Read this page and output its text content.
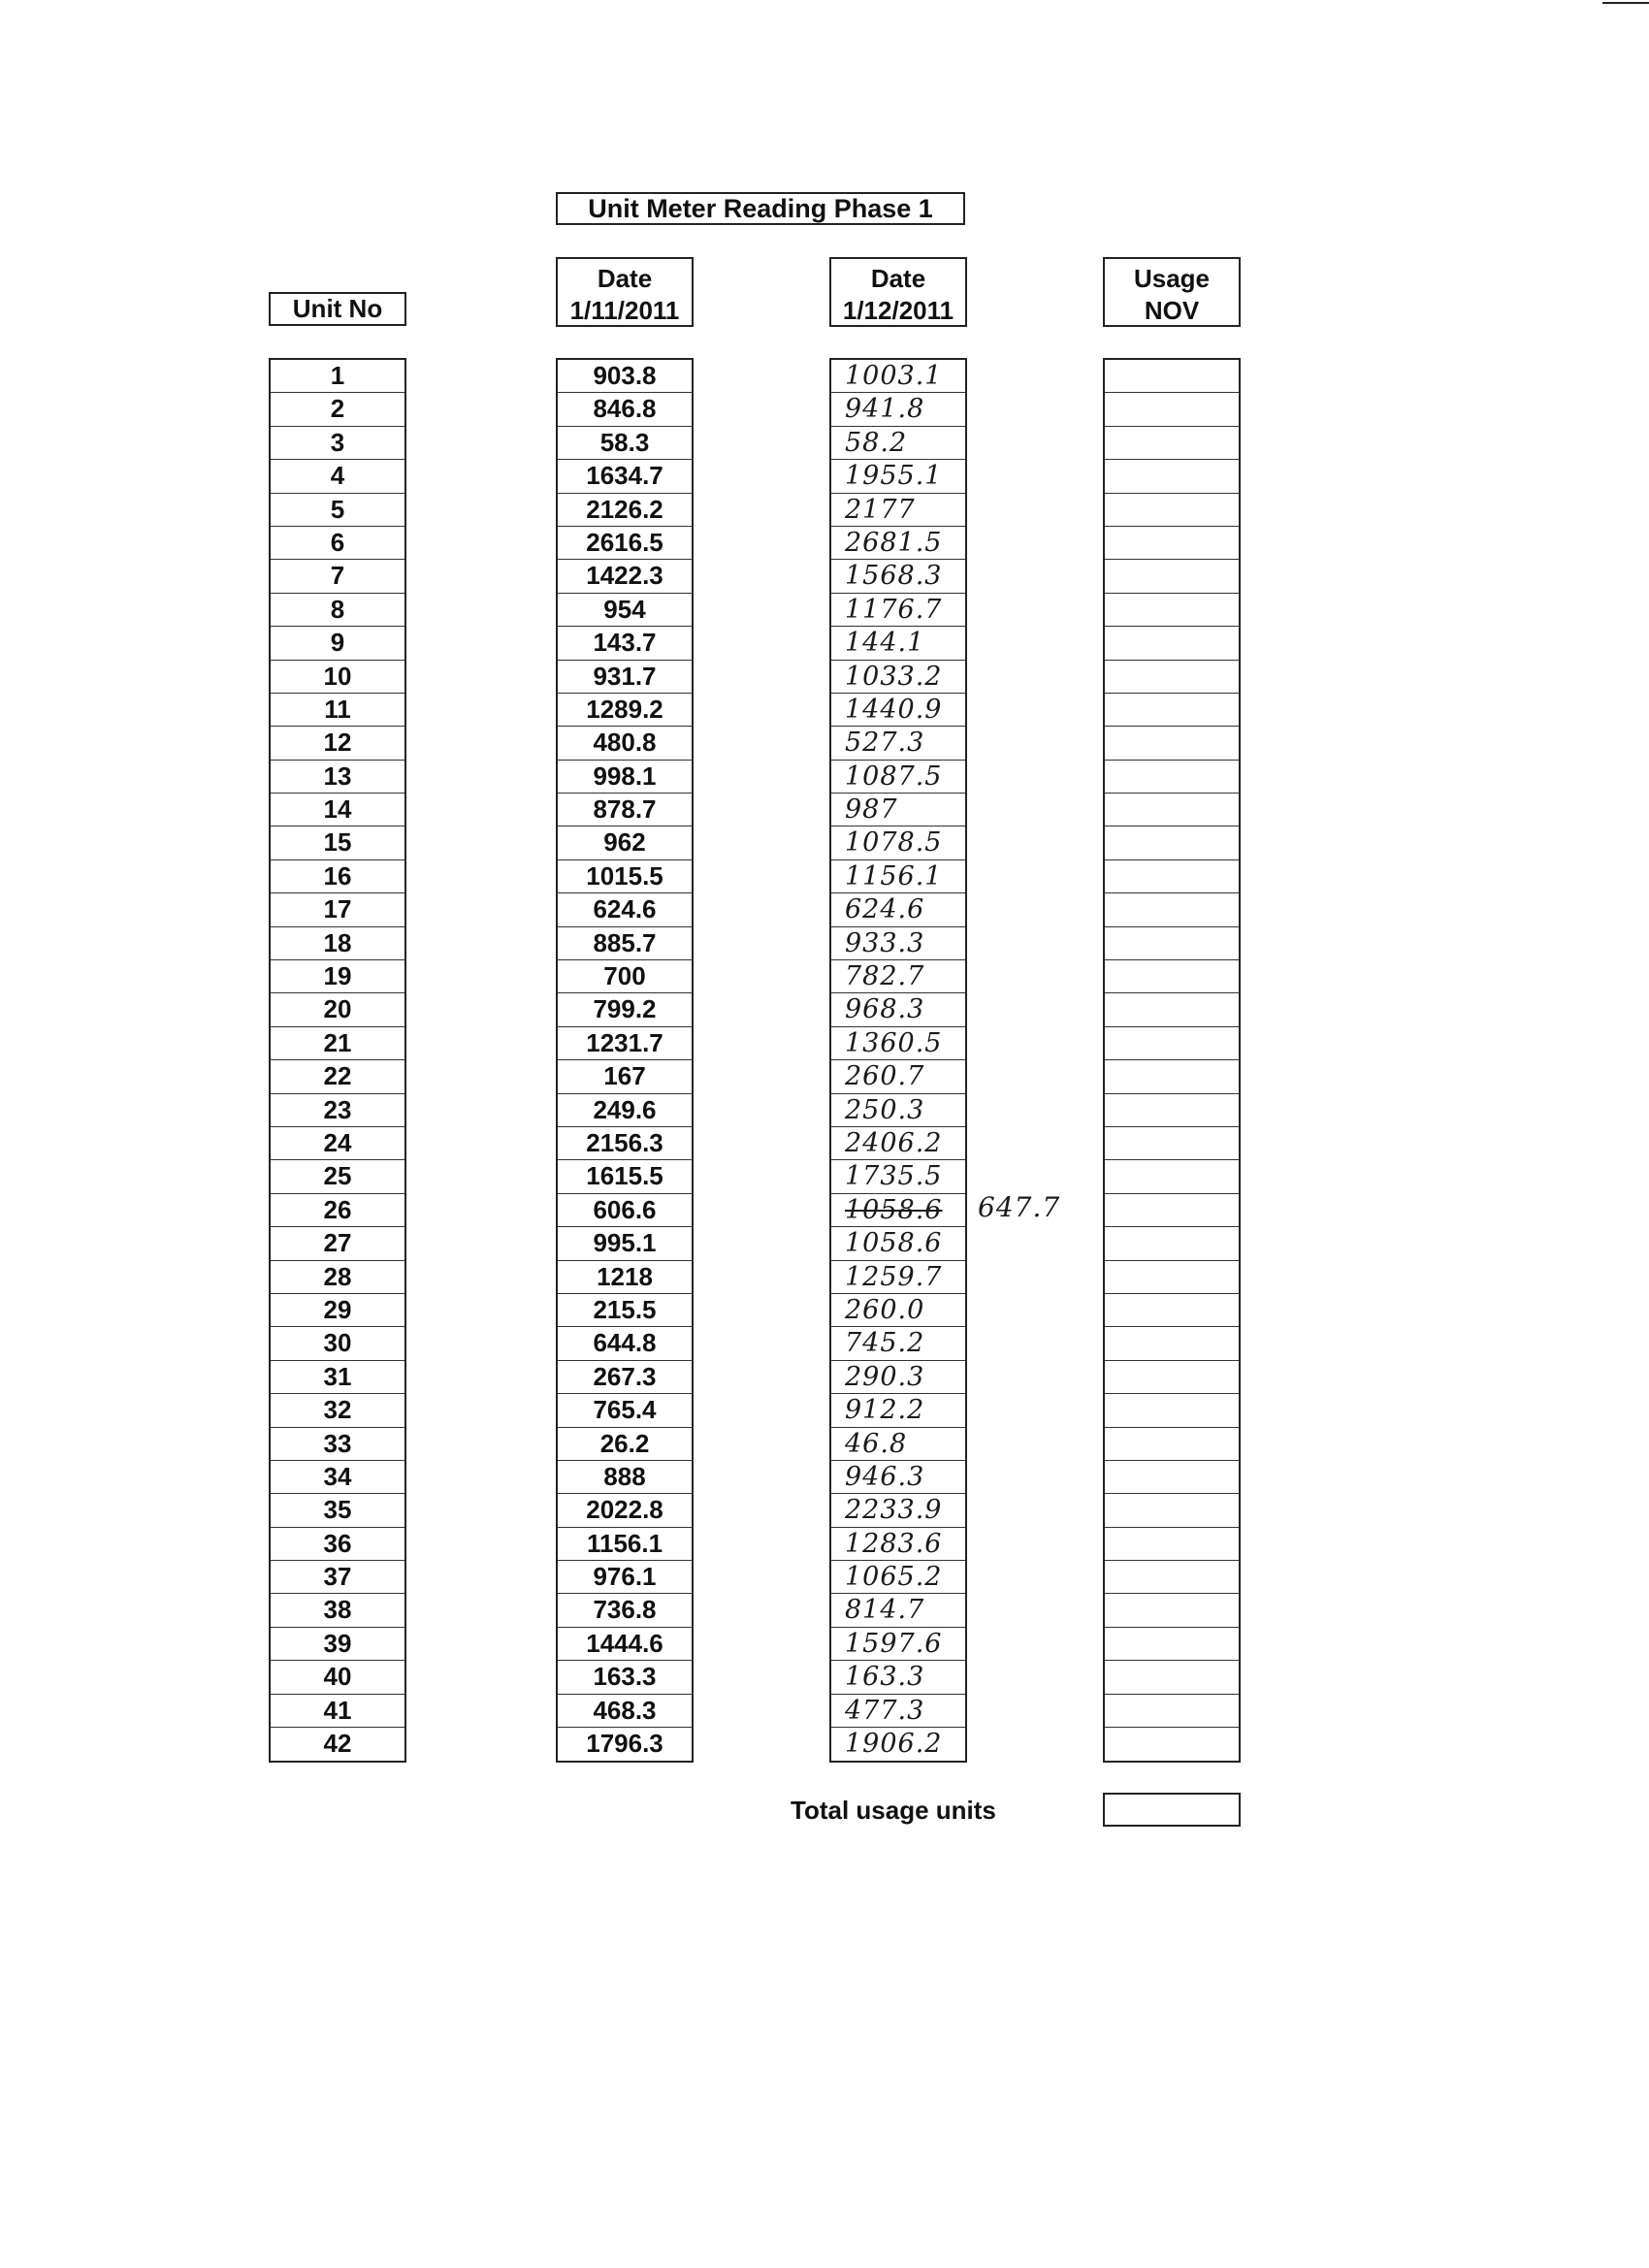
Unit Meter Reading Phase 1
Unit No
Date
1/11/2011
Date
1/12/2011
Usage
NOV
1
2
3
4
5
6
7
8
9
10
11
12
13
14
15
16
17
18
19
20
21
22
23
24
25
26
27
28
29
30
31
32
33
34
35
36
37
38
39
40
41
42
903.8
846.8
58.3
1634.7
2126.2
2616.5
1422.3
954
143.7
931.7
1289.2
480.8
998.1
878.7
962
1015.5
624.6
885.7
700
799.2
1231.7
167
249.6
2156.3
1615.5
606.6
995.1
1218
215.5
644.8
267.3
765.4
26.2
888
2022.8
1156.1
976.1
736.8
1444.6
163.3
468.3
1796.3
1003.1
941.8
58.2
1955.1
2177
2681.5
1568.3
1176.7
144.1
1033.2
1440.9
527.3
1087.5
987
1078.5
1156.1
624.6
933.3
782.7
968.3
1360.5
260.7
250.3
2406.2
1735.5
1058.6
1058.6
1259.7
260.0
745.2
290.3
912.2
46.8
946.3
2233.9
1283.6
1065.2
814.7
1597.6
163.3
477.3
1906.2
647.7
Total usage units
